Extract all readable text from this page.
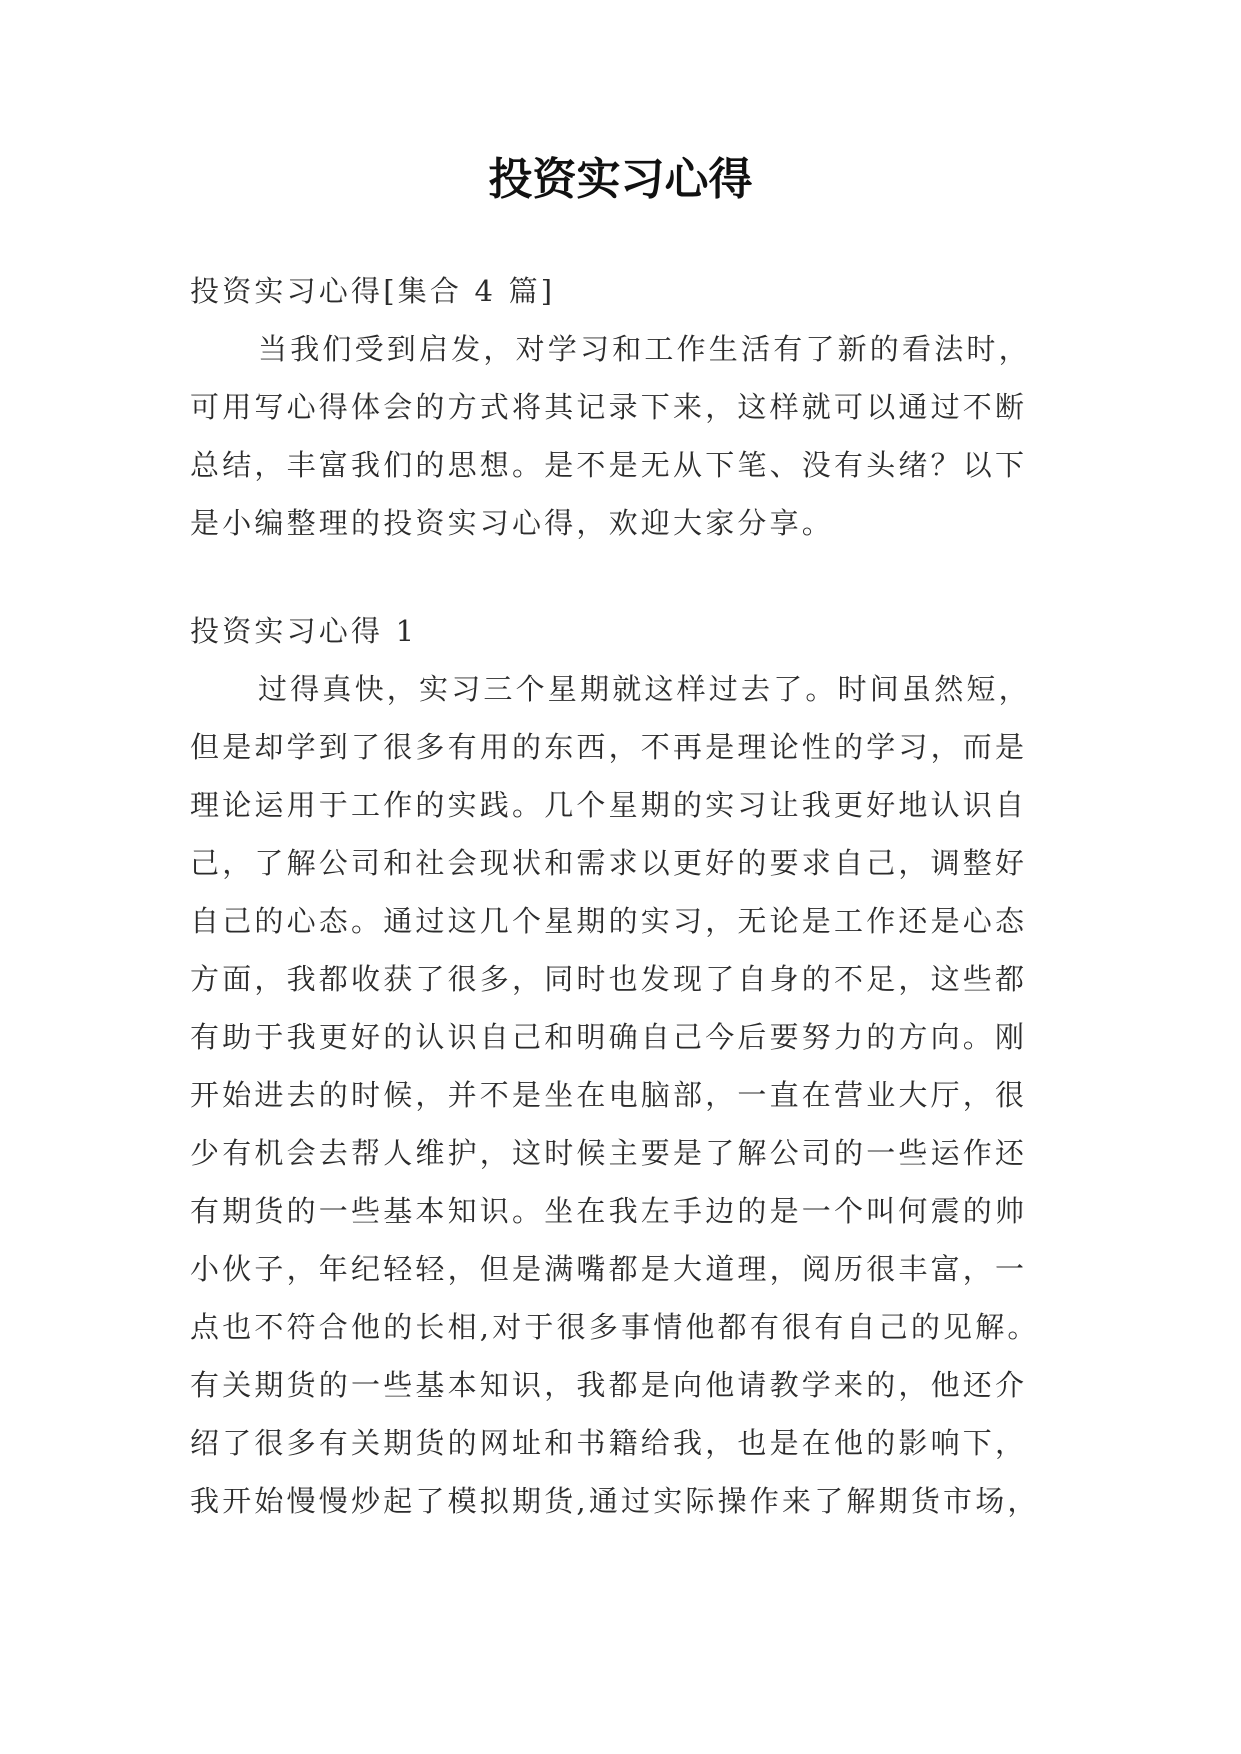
投资实习心得
投资实习心得[集合 4 篇]
当我们受到启发，对学习和工作生活有了新的看法时，
可用写心得体会的方式将其记录下来，这样就可以通过不断
总结，丰富我们的思想。是不是无从下笔、没有头绪？以下
是小编整理的投资实习心得，欢迎大家分享。
投资实习心得 1
过得真快，实习三个星期就这样过去了。时间虽然短，
但是却学到了很多有用的东西，不再是理论性的学习，而是
理论运用于工作的实践。几个星期的实习让我更好地认识自
己，了解公司和社会现状和需求以更好的要求自己，调整好
自己的心态。通过这几个星期的实习，无论是工作还是心态
方面，我都收获了很多，同时也发现了自身的不足，这些都
有助于我更好的认识自己和明确自己今后要努力的方向。刚
开始进去的时候，并不是坐在电脑部，一直在营业大厅，很
少有机会去帮人维护，这时候主要是了解公司的一些运作还
有期货的一些基本知识。坐在我左手边的是一个叫何震的帅
小伙子，年纪轻轻，但是满嘴都是大道理，阅历很丰富，一
点也不符合他的长相,对于很多事情他都有很有自己的见解。
有关期货的一些基本知识，我都是向他请教学来的，他还介
绍了很多有关期货的网址和书籍给我，也是在他的影响下，
我开始慢慢炒起了模拟期货,通过实际操作来了解期货市场，
